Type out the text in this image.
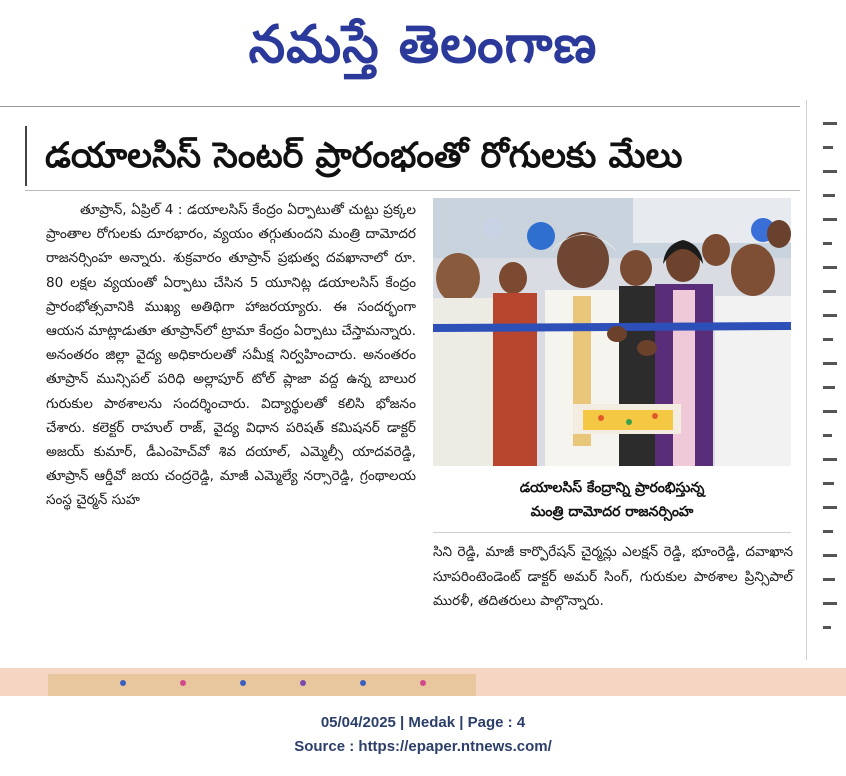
నమస్తే తెలంగాణ
డయాలసిస్ సెంటర్ ప్రారంభంతో రోగులకు మేలు

తూప్రాన్, ఏప్రిల్ 4 : డయాలసిస్ కేంద్రం ఏర్పాటుతో చుట్టు ప్రక్కల ప్రాంతాల రోగులకు దూరభారం, వ్యయం తగ్గుతుందని మంత్రి దామోదర రాజనర్సింహ అన్నారు. శుక్రవారం తూప్రాన్ ప్రభుత్వ దవఖానాలో రూ. 80 లక్షల వ్యయంతో ఏర్పాటు చేసిన 5 యూనిట్ల డయాలసిస్ కేంద్రం ప్రారంభోత్సవానికి ముఖ్య అతిథిగా హాజరయ్యారు. ఈ సందర్భంగా ఆయన మాట్లాడుతూ తూప్రాన్‌లో ట్రామా కేంద్రం ఏర్పాటు చేస్తామన్నారు. అనంతరం జిల్లా వైద్య అధికారులతో సమీక్ష నిర్వహించారు. అనంతరం తూప్రాన్ మున్సిపల్ పరిధి అల్లాపూర్ టోల్ ప్లాజా వద్ద ఉన్న బాలుర గురుకుల పాఠశాలను సందర్శించారు. విద్యార్థులతో కలిసి భోజనం చేశారు. కలెక్టర్ రాహుల్ రాజ్, వైద్య విధాన పరిషత్ కమిషనర్ డాక్టర్ అజయ్ కుమార్, డీఎంహెచ్‌వో శివ దయాల్, ఎమ్మెల్సీ యాదవరెడ్డి, తూప్రాన్ ఆర్డీవో జయ చంద్రరెడ్డి, మాజీ ఎమ్మెల్యే నర్సారెడ్డి, గ్రంథాలయ సంస్థ చైర్మన్ సుహ

డయాలసిస్ కేంద్రాన్ని ప్రారంభిస్తున్న
మంత్రి దామోదర రాజనర్సింహ

సిని రెడ్డి, మాజీ కార్పొరేషన్ చైర్మన్లు ఎలక్షన్ రెడ్డి, భూంరెడ్డి, దవాఖాన సూపరింటెండెంట్ డాక్టర్ అమర్ సింగ్, గురుకుల పాఠశాల ప్రిన్సిపాల్ మురళీ, తదితరులు పాల్గొన్నారు.

05/04/2025 | Medak | Page : 4
Source : https://epaper.ntnews.com/
